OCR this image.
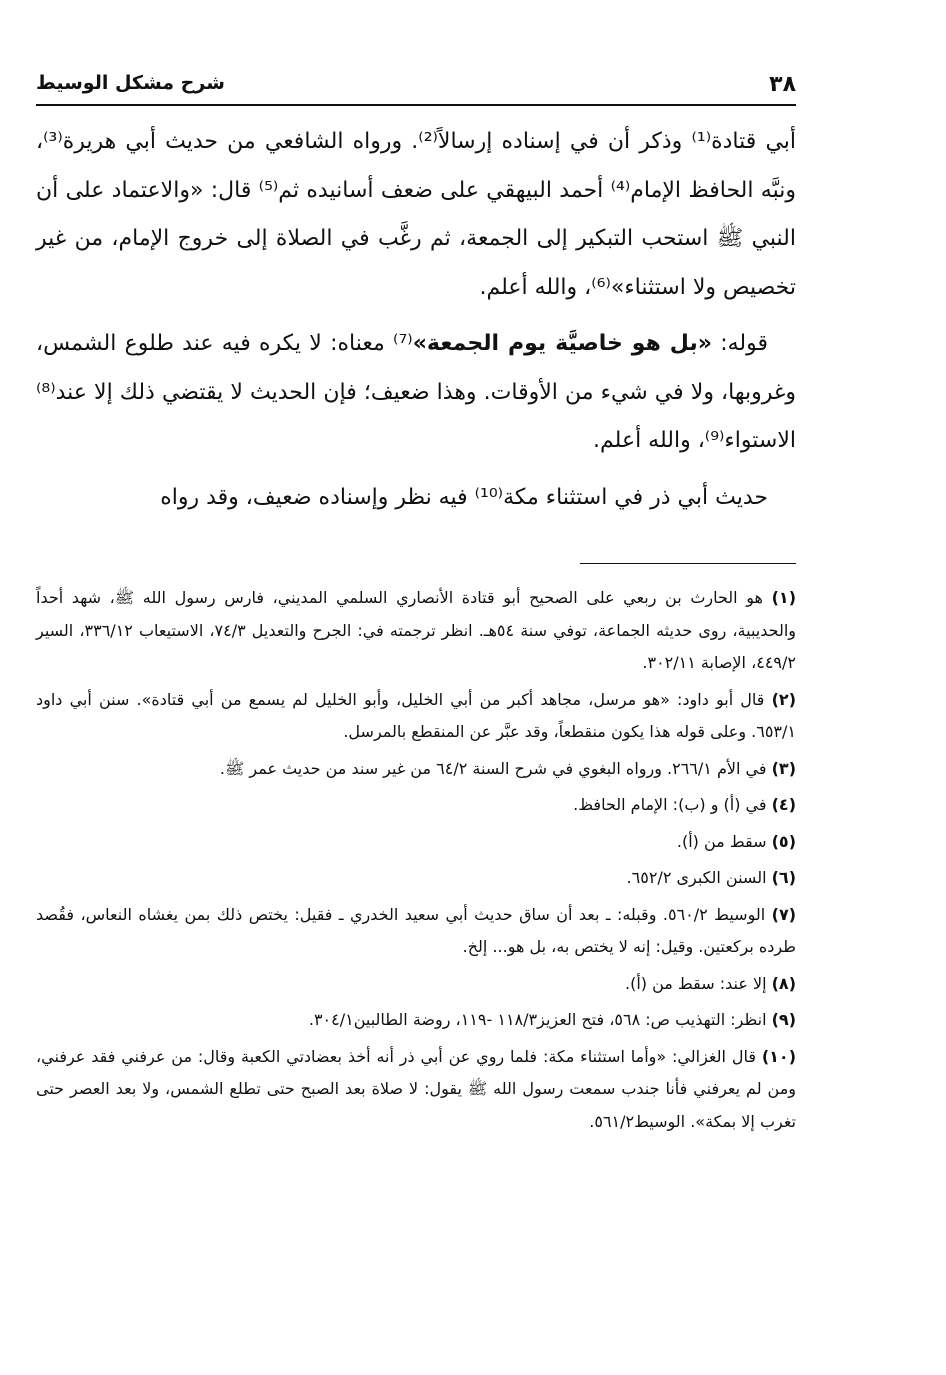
٣٨
شرح مشكل الوسيط

أبي قتادة⁽¹⁾ وذكر أن في إسناده إرسالاً⁽²⁾. ورواه الشافعي من حديث أبي هريرة⁽³⁾، ونبَّه الحافظ الإمام⁽⁴⁾ أحمد البيهقي على ضعف أسانيده ثم⁽⁵⁾ قال: «والاعتماد على أن النبي ﷺ استحب التبكير إلى الجمعة، ثم رغَّب في الصلاة إلى خروج الإمام، من غير تخصيص ولا استثناء»⁽⁶⁾، والله أعلم.

قوله: «بل هو خاصيَّة يوم الجمعة»⁽⁷⁾ معناه: لا يكره فيه عند طلوع الشمس، وغروبها، ولا في شيء من الأوقات. وهذا ضعيف؛ فإن الحديث لا يقتضي ذلك إلا عند⁽⁸⁾ الاستواء⁽⁹⁾، والله أعلم.

حديث أبي ذر في استثناء مكة⁽¹⁰⁾ فيه نظر وإسناده ضعيف، وقد رواه

(١) هو الحارث بن ربعي على الصحيح أبو قتادة الأنصاري السلمي المديني، فارس رسول الله ﷺ، شهد أحداً والحديبية، روى حديثه الجماعة، توفي سنة ٥٤هـ. انظر ترجمته في: الجرح والتعديل ٧٤/٣، الاستيعاب ٣٣٦/١٢، السير ٤٤٩/٢، الإصابة ٣٠٢/١١.

(٢) قال أبو داود: «هو مرسل، مجاهد أكبر من أبي الخليل، وأبو الخليل لم يسمع من أبي قتادة». سنن أبي داود ٦٥٣/١. وعلى قوله هذا يكون منقطعاً، وقد عبَّر عن المنقطع بالمرسل.

(٣) في الأم ٢٦٦/١. ورواه البغوي في شرح السنة ٦٤/٢ من غير سند من حديث عمر ﷺ.

(٤) في (أ) و (ب): الإمام الحافظ.

(٥) سقط من (أ).

(٦) السنن الكبرى ٦٥٢/٢.

(٧) الوسيط ٥٦٠/٢. وقبله: ـ بعد أن ساق حديث أبي سعيد الخدري ـ فقيل: يختص ذلك بمن يغشاه النعاس، فقُصد طرده بركعتين. وقيل: إنه لا يختص به، بل هو... إلخ.

(٨) إلا عند: سقط من (أ).

(٩) انظر: التهذيب ص: ٥٦٨، فتح العزيز١١٨/٣ -١١٩، روضة الطالبين٣٠٤/١.

(١٠) قال الغزالي: «وأما استثناء مكة: فلما روي عن أبي ذر أنه أخذ بعضادتي الكعبة وقال: من عرفني فقد عرفني، ومن لم يعرفني فأنا جندب سمعت رسول الله ﷺ يقول: لا صلاة بعد الصبح حتى تطلع الشمس، ولا بعد العصر حتى تغرب إلا بمكة». الوسيط٥٦١/٢.
